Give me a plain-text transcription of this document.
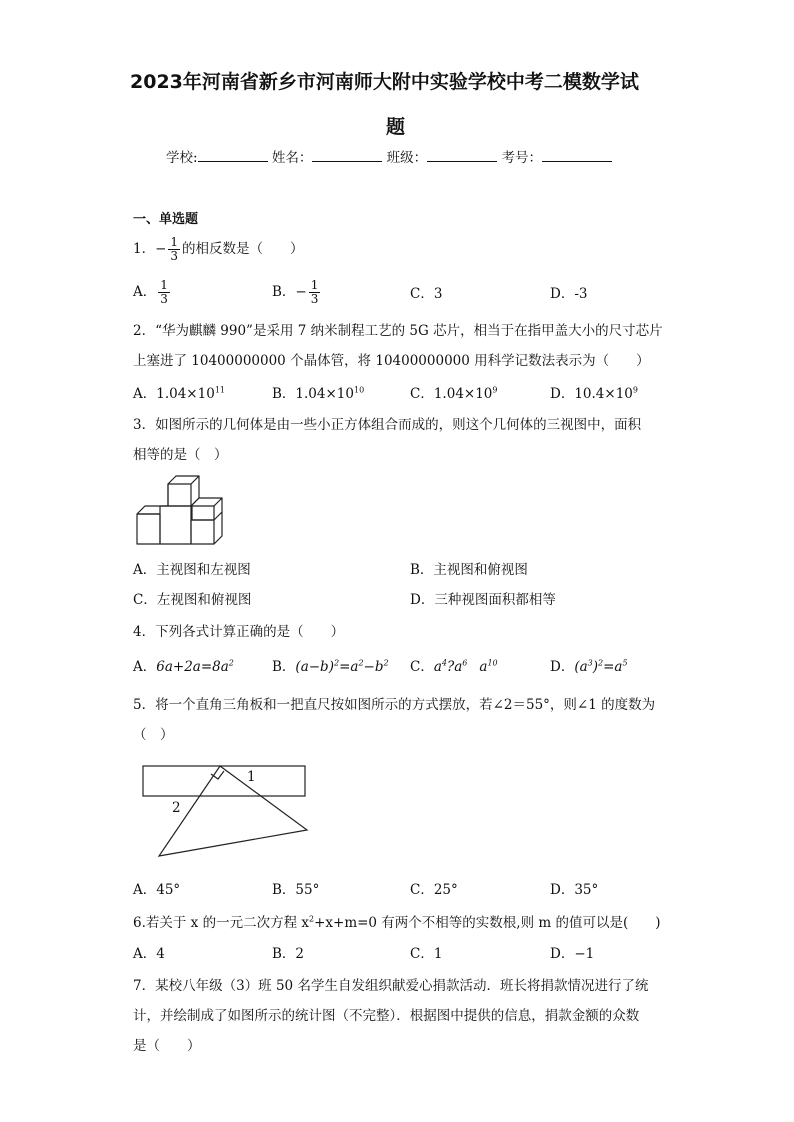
2023年河南省新乡市河南师大附中实验学校中考二模数学试
题
学校:	姓名：	班级：	考号：
一、单选题
1．− $\frac{1}{3}$ 的相反数是（　　）
A． $\frac{1}{3}$	B．− $\frac{1}{3}$	C．3	D．-3
2．“华为麒麟 990”是采用 7 纳米制程工艺的 5G 芯片，相当于在指甲盖大小的尺寸芯片
上塞进了 10400000000 个晶体管，将 10400000000 用科学记数法表示为（　　）
A．$1.04\times 10^{11}$	B．$1.04\times 10^{10}$	C．$1.04\times 10^9$	D．$10.4\times 10^9$
3．如图所示的几何体是由一些小正方体组合而成的，则这个几何体的三视图中，面积
相等的是（　）
A．主视图和左视图	B．主视图和俯视图
C．左视图和俯视图	D．三种视图面积都相等
4．下列各式计算正确的是（　　）
A．$6a+2a=8a^2$	B．$(a-b)^2=a^2-b^2$ C．$a^4?a^6$ $a^{10}$	D．$(a^3)^2=a^5$
5．将一个直角三角板和一把直尺按如图所示的方式摆放，若∠2＝55°，则∠1 的度数为
（　）
1
2
A．45°	B．55°	C．25°	D．35°
6.若关于 x 的一元二次方程 $x^2+x+m=0$ 有两个不相等的实数根,则 m 的值可以是(　　)
A．4	B．2	C．1	D．−1
7．某校八年级（3）班 50 名学生自发组织献爱心捐款活动．班长将捐款情况进行了统
计，并绘制成了如图所示的统计图（不完整）．根据图中提供的信息，捐款金额的众数
是（　　）
